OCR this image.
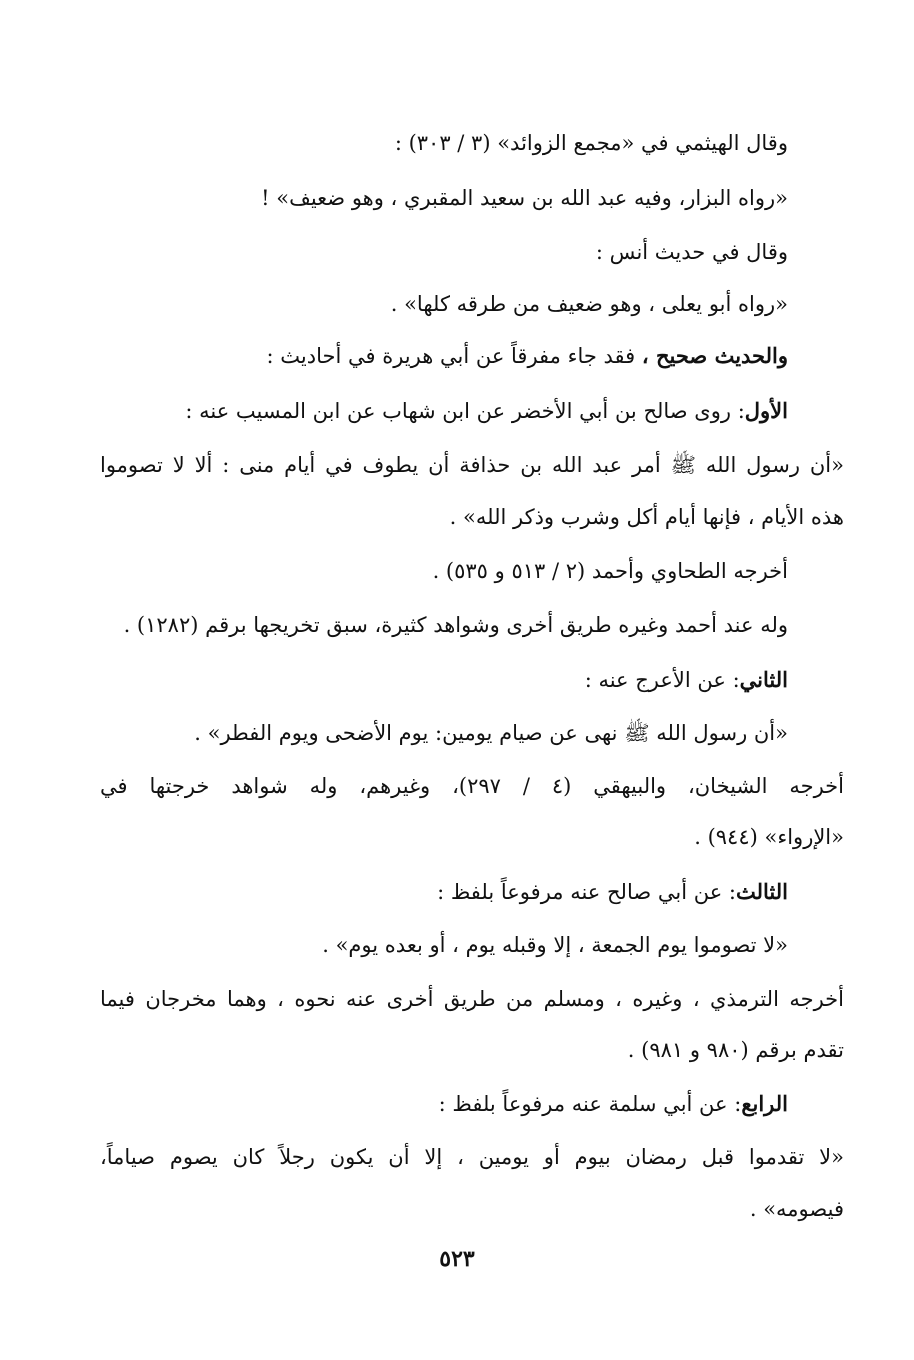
وقال الهيثمي في «مجمع الزوائد» (٣ / ٣٠٣) :
«رواه البزار، وفيه عبد الله بن سعيد المقبري ، وهو ضعيف» !
وقال في حديث أنس :
«رواه أبو يعلى ، وهو ضعيف من طرقه كلها» .
والحديث صحيح ، فقد جاء مفرقاً عن أبي هريرة في أحاديث :
الأول: روى صالح بن أبي الأخضر عن ابن شهاب عن ابن المسيب عنه :
«أن رسول الله ﷺ أمر عبد الله بن حذافة أن يطوف في أيام منى : ألا لا تصوموا
هذه الأيام ، فإنها أيام أكل وشرب وذكر الله» .
أخرجه الطحاوي وأحمد (٢ / ٥١٣ و ٥٣٥) .
وله عند أحمد وغيره طريق أخرى وشواهد كثيرة، سبق تخريجها برقم (١٢٨٢) .
الثاني: عن الأعرج عنه :
«أن رسول الله ﷺ نهى عن صيام يومين: يوم الأضحى ويوم الفطر» .
أخرجه الشيخان، والبيهقي (٤ / ٢٩٧)، وغيرهم، وله شواهد خرجتها في
«الإرواء» (٩٤٤) .
الثالث: عن أبي صالح عنه مرفوعاً بلفظ :
«لا تصوموا يوم الجمعة ، إلا وقبله يوم ، أو بعده يوم» .
أخرجه الترمذي ، وغيره ، ومسلم من طريق أخرى عنه نحوه ، وهما مخرجان فيما
تقدم برقم (٩٨٠ و ٩٨١) .
الرابع: عن أبي سلمة عنه مرفوعاً بلفظ :
«لا تقدموا قبل رمضان بيوم أو يومين ، إلا أن يكون رجلاً كان يصوم صياماً،
فيصومه» .
٥٢٣
